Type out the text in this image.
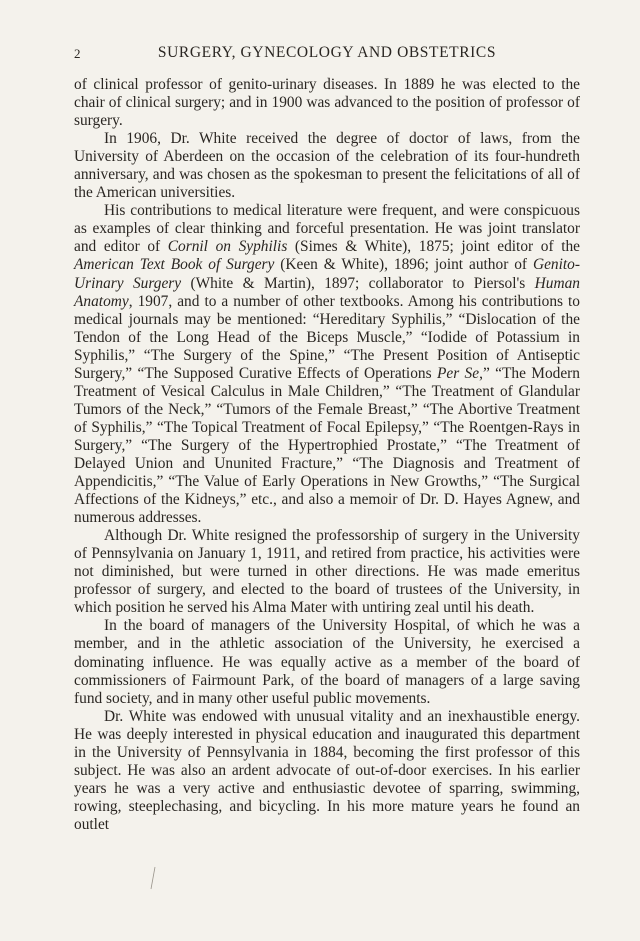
2	SURGERY, GYNECOLOGY AND OBSTETRICS

of clinical professor of genito-urinary diseases. In 1889 he was elected to the chair of clinical surgery; and in 1900 was advanced to the position of professor of surgery.

In 1906, Dr. White received the degree of doctor of laws, from the University of Aberdeen on the occasion of the celebration of its four-hundreth anniversary, and was chosen as the spokesman to present the felicitations of all of the American universities.

His contributions to medical literature were frequent, and were conspicuous as examples of clear thinking and forceful presentation. He was joint translator and editor of Cornil on Syphilis (Simes & White), 1875; joint editor of the American Text Book of Surgery (Keen & White), 1896; joint author of Genito-Urinary Surgery (White & Martin), 1897; collaborator to Piersol's Human Anatomy, 1907, and to a number of other textbooks. Among his contributions to medical journals may be mentioned: “Hereditary Syphilis,” “Dislocation of the Tendon of the Long Head of the Biceps Muscle,” “Iodide of Potassium in Syphilis,” “The Surgery of the Spine,” “The Present Position of Antiseptic Surgery,” “The Supposed Curative Effects of Operations Per Se,” “The Modern Treatment of Vesical Calculus in Male Children,” “The Treatment of Glandular Tumors of the Neck,” “Tumors of the Female Breast,” “The Abortive Treatment of Syphilis,” “The Topical Treatment of Focal Epilepsy,” “The Roentgen-Rays in Surgery,” “The Surgery of the Hypertrophied Prostate,” “The Treatment of Delayed Union and Ununited Fracture,” “The Diagnosis and Treatment of Appendicitis,” “The Value of Early Operations in New Growths,” “The Surgical Affections of the Kidneys,” etc., and also a memoir of Dr. D. Hayes Agnew, and numerous addresses.

Although Dr. White resigned the professorship of surgery in the University of Pennsylvania on January 1, 1911, and retired from practice, his activities were not diminished, but were turned in other directions. He was made emeritus professor of surgery, and elected to the board of trustees of the University, in which position he served his Alma Mater with untiring zeal until his death.

In the board of managers of the University Hospital, of which he was a member, and in the athletic association of the University, he exercised a dominating influence. He was equally active as a member of the board of commissioners of Fairmount Park, of the board of managers of a large saving fund society, and in many other useful public movements.

Dr. White was endowed with unusual vitality and an inexhaustible energy. He was deeply interested in physical education and inaugurated this department in the University of Pennsylvania in 1884, becoming the first professor of this subject. He was also an ardent advocate of out-of-door exercises. In his earlier years he was a very active and enthusiastic devotee of sparring, swimming, rowing, steeplechasing, and bicycling. In his more mature years he found an outlet
